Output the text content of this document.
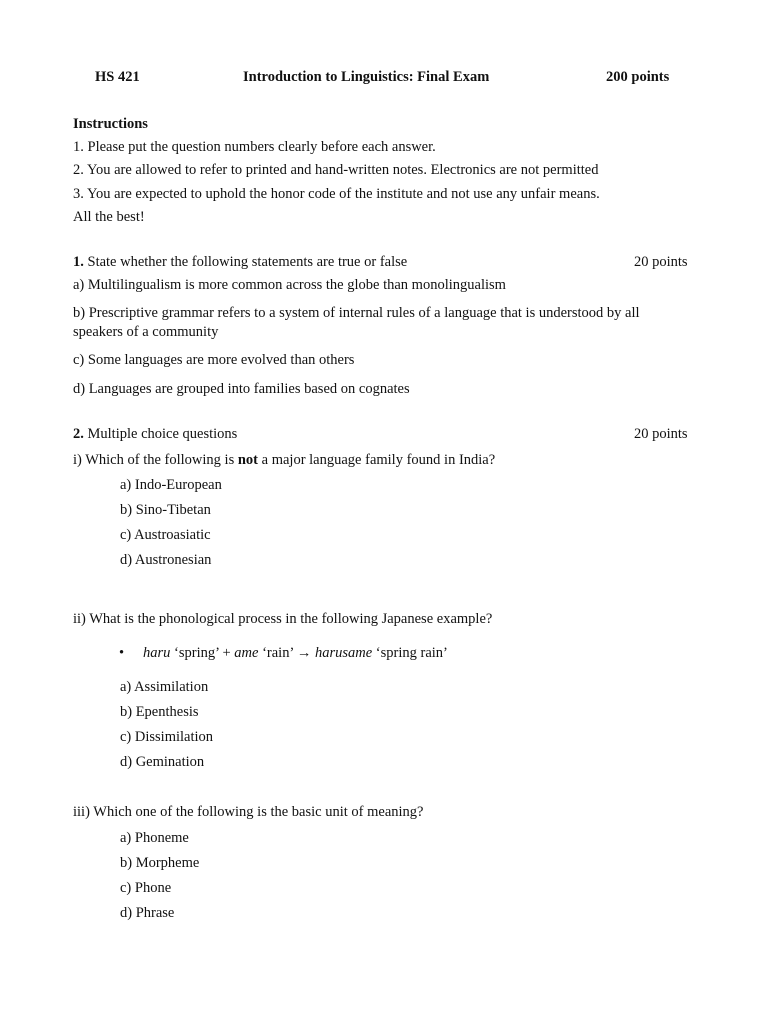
HS 421	Introduction to Linguistics: Final Exam	200 points
Instructions
1. Please put the question numbers clearly before each answer.
2. You are allowed to refer to printed and hand-written notes. Electronics are not permitted
3. You are expected to uphold the honor code of the institute and not use any unfair means.
All the best!
1. State whether the following statements are true or false	20 points
a) Multilingualism is more common across the globe than monolingualism
b) Prescriptive grammar refers to a system of internal rules of a language that is understood by all speakers of a community
c) Some languages are more evolved than others
d) Languages are grouped into families based on cognates
2. Multiple choice questions	20 points
i) Which of the following is not a major language family found in India?
a) Indo-European
b) Sino-Tibetan
c) Austroasiatic
d) Austronesian
ii) What is the phonological process in the following Japanese example?
• haru ‘spring’ + ame ‘rain’ → harusame ‘spring rain’
a) Assimilation
b) Epenthesis
c) Dissimilation
d) Gemination
iii) Which one of the following is the basic unit of meaning?
a) Phoneme
b) Morpheme
c) Phone
d) Phrase
